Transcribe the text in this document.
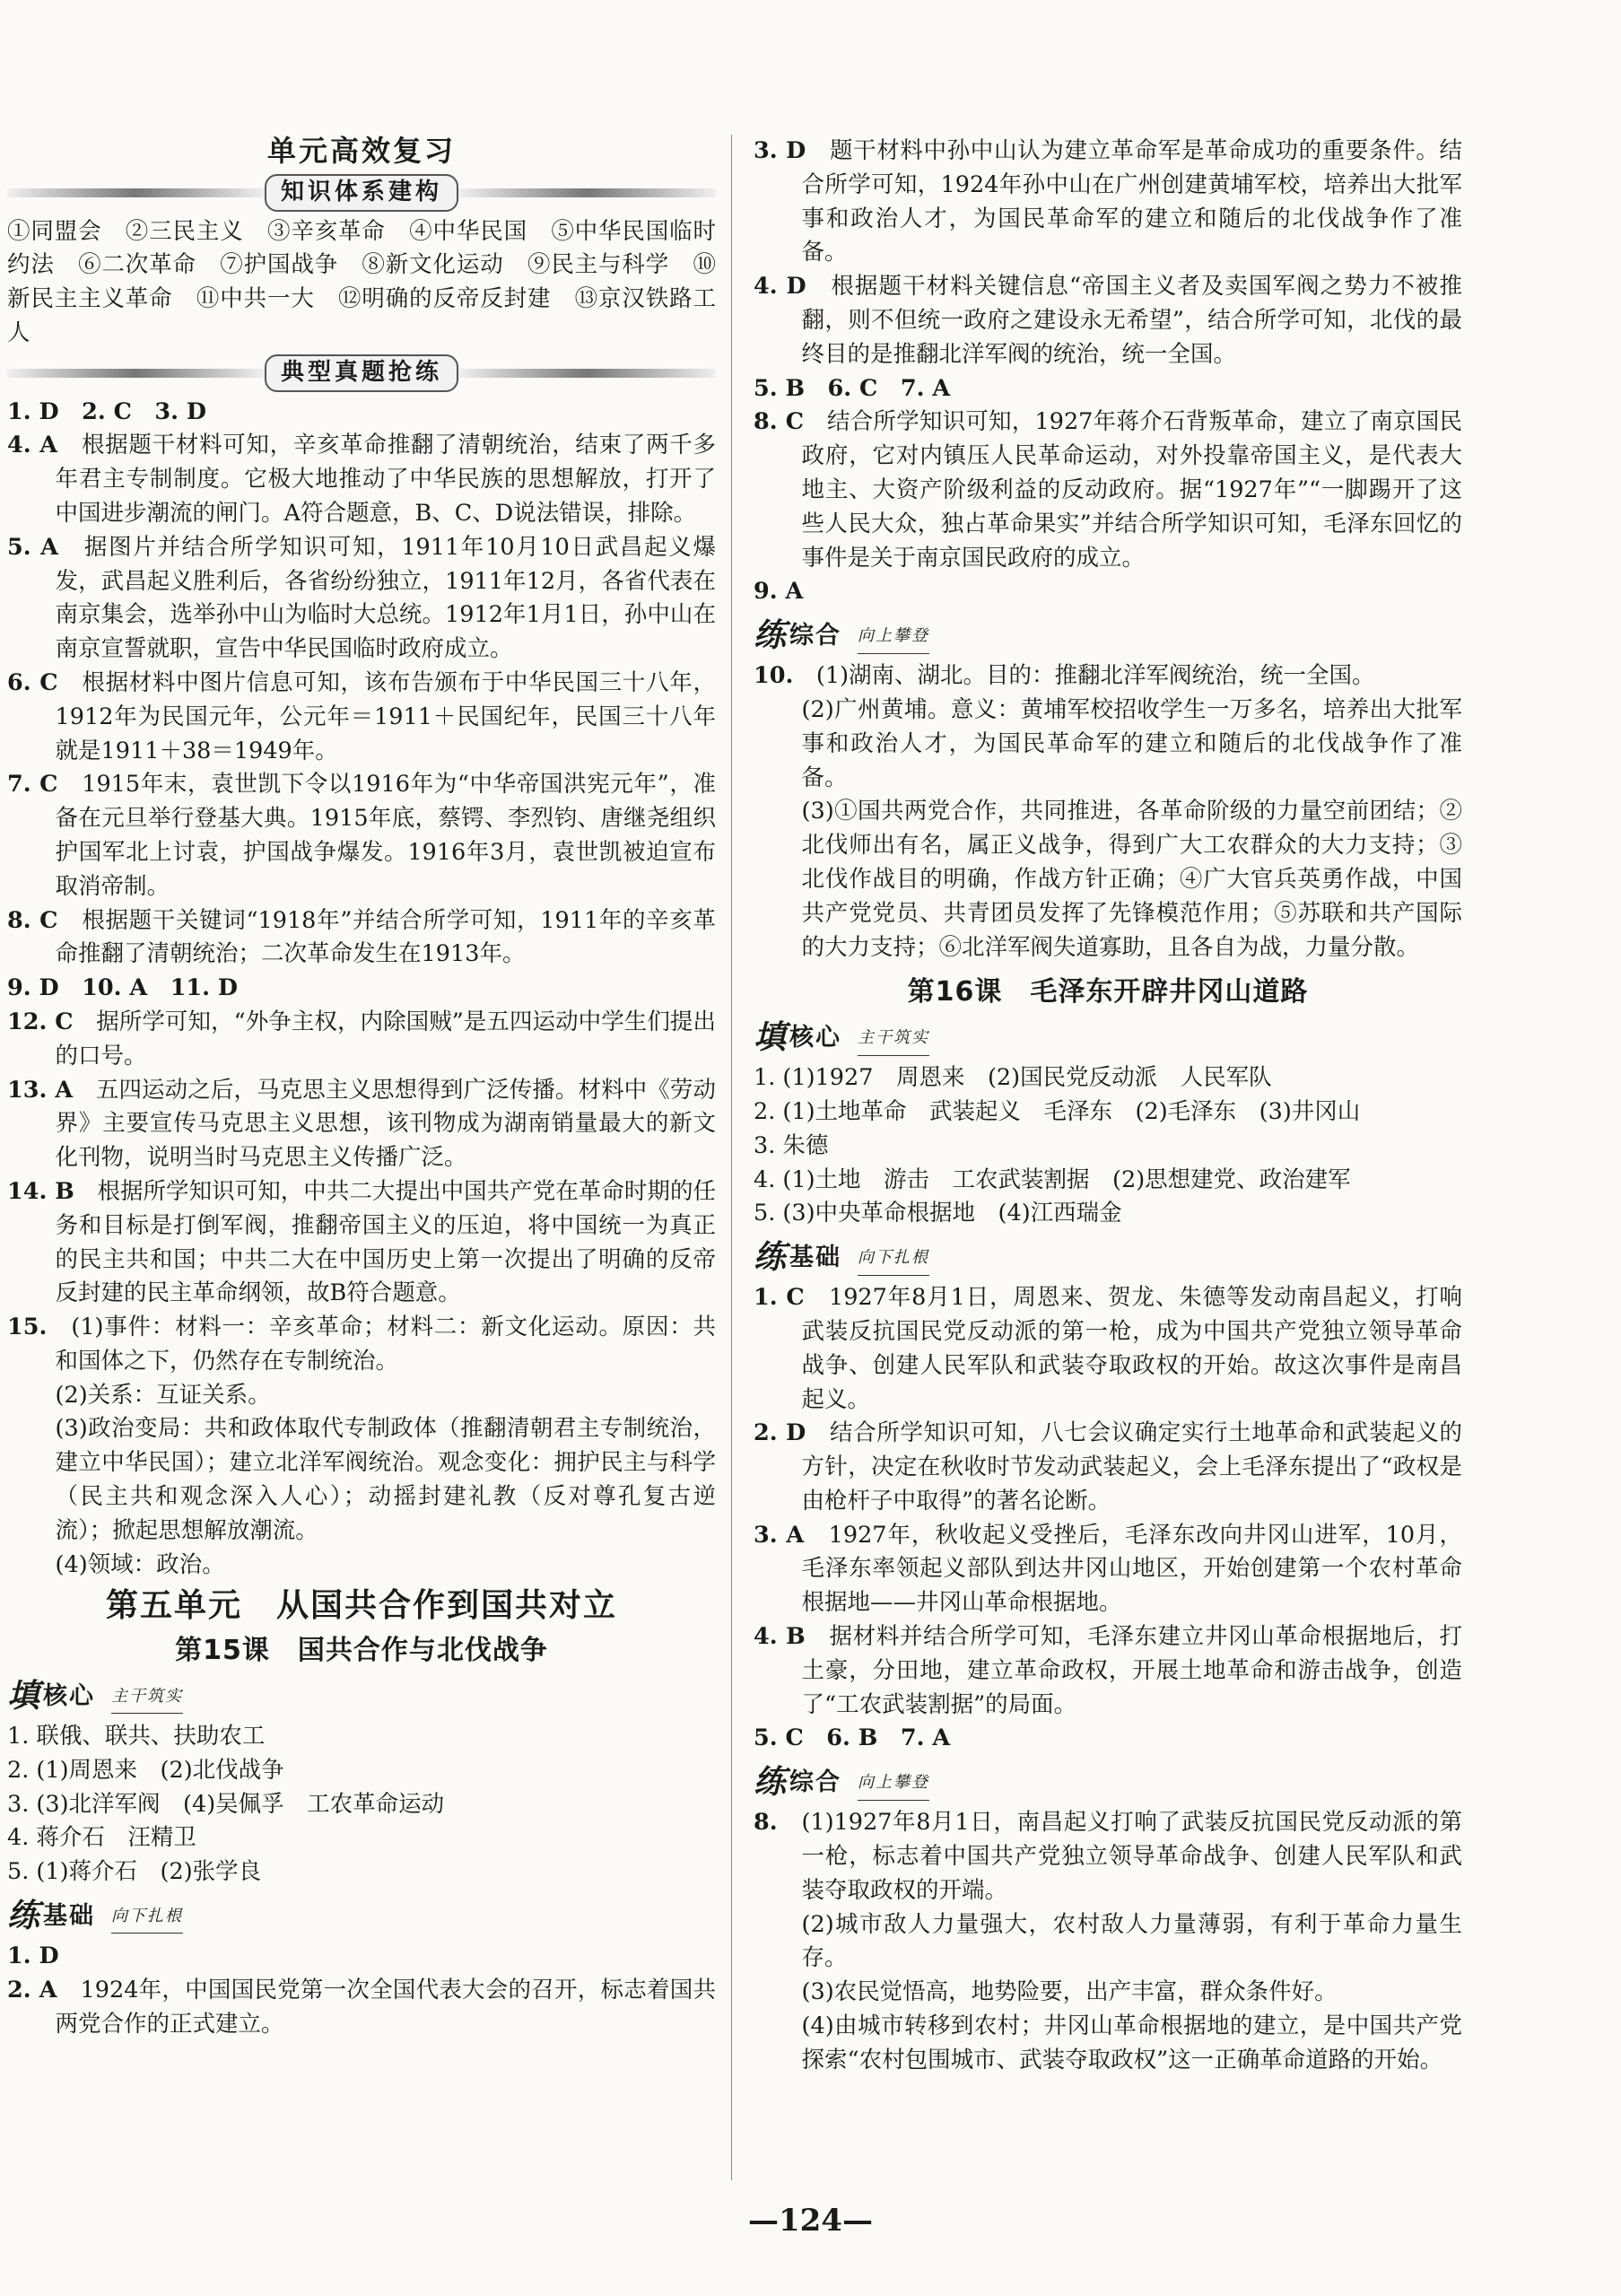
单元高效复习
知识体系建构

①同盟会　②三民主义　③辛亥革命　④中华民国　⑤中华民国临时约法　⑥二次革命　⑦护国战争　⑧新文化运动　⑨民主与科学　⑩新民主主义革命　⑪中共一大　⑫明确的反帝反封建　⑬京汉铁路工人

典型真题抢练

1. D　2. C　3. D　

4. A　 根据题干材料可知，辛亥革命推翻了清朝统治，结束了两千多年君主专制制度。它极大地推动了中华民族的思想解放，打开了中国进步潮流的闸门。A符合题意，B、C、D说法错误，排除。

5. A　 据图片并结合所学知识可知，1911年10月10日武昌起义爆发，武昌起义胜利后，各省纷纷独立，1911年12月，各省代表在南京集会，选举孙中山为临时大总统。1912年1月1日，孙中山在南京宣誓就职，宣告中华民国临时政府成立。

6. C　 根据材料中图片信息可知，该布告颁布于中华民国三十八年，1912年为民国元年，公元年＝1911＋民国纪年，民国三十八年就是1911＋38＝1949年。

7. C　 1915年末，袁世凯下令以1916年为“中华帝国洪宪元年”，准备在元旦举行登基大典。1915年底，蔡锷、李烈钧、唐继尧组织护国军北上讨袁，护国战争爆发。1916年3月，袁世凯被迫宣布取消帝制。

8. C　 根据题干关键词“1918年”并结合所学可知，1911年的辛亥革命推翻了清朝统治；二次革命发生在1913年。

9. D　10. A　11. D　

12. C　 据所学可知，“外争主权，内除国贼”是五四运动中学生们提出的口号。

13. A　 五四运动之后，马克思主义思想得到广泛传播。材料中《劳动界》主要宣传马克思主义思想，该刊物成为湖南销量最大的新文化刊物，说明当时马克思主义传播广泛。

14. B　 根据所学知识可知，中共二大提出中国共产党在革命时期的任务和目标是打倒军阀，推翻帝国主义的压迫，将中国统一为真正的民主共和国；中共二大在中国历史上第一次提出了明确的反帝反封建的民主革命纲领，故B符合题意。

15.　 (1)事件：材料一：辛亥革命；材料二：新文化运动。原因：共和国体之下，仍然存在专制统治。

(2)关系：互证关系。

(3)政治变局：共和政体取代专制政体（推翻清朝君主专制统治，建立中华民国）；建立北洋军阀统治。观念变化：拥护民主与科学（民主共和观念深入人心）；动摇封建礼教（反对尊孔复古逆流）；掀起思想解放潮流。

(4)领域：政治。

第五单元　从国共合作到国共对立
第15课　国共合作与北伐战争
填 核心 主干筑实

1. 联俄、联共、扶助农工

2. (1)周恩来　(2)北伐战争

3. (3)北洋军阀　(4)吴佩孚　工农革命运动

4. 蒋介石　汪精卫

5. (1)蒋介石　(2)张学良

练 基础 向下扎根

1. D　

2. A　 1924年，中国国民党第一次全国代表大会的召开，标志着国共两党合作的正式建立。

3. D　 题干材料中孙中山认为建立革命军是革命成功的重要条件。结合所学可知，1924年孙中山在广州创建黄埔军校，培养出大批军事和政治人才，为国民革命军的建立和随后的北伐战争作了准备。

4. D　 根据题干材料关键信息“帝国主义者及卖国军阀之势力不被推翻，则不但统一政府之建设永无希望”，结合所学可知，北伐的最终目的是推翻北洋军阀的统治，统一全国。

5. B　6. C　7. A　

8. C　 结合所学知识可知，1927年蒋介石背叛革命，建立了南京国民政府，它对内镇压人民革命运动，对外投靠帝国主义，是代表大地主、大资产阶级利益的反动政府。据“1927年”“一脚踢开了这些人民大众，独占革命果实”并结合所学知识可知，毛泽东回忆的事件是关于南京国民政府的成立。

9. A　

练 综合 向上攀登

10.　 (1)湖南、湖北。目的：推翻北洋军阀统治，统一全国。

(2)广州黄埔。意义：黄埔军校招收学生一万多名，培养出大批军事和政治人才，为国民革命军的建立和随后的北伐战争作了准备。

(3)①国共两党合作，共同推进，各革命阶级的力量空前团结；②北伐师出有名，属正义战争，得到广大工农群众的大力支持；③北伐作战目的明确，作战方针正确；④广大官兵英勇作战，中国共产党党员、共青团员发挥了先锋模范作用；⑤苏联和共产国际的大力支持；⑥北洋军阀失道寡助，且各自为战，力量分散。

第16课　毛泽东开辟井冈山道路
填 核心 主干筑实

1. (1)1927　周恩来　(2)国民党反动派　人民军队

2. (1)土地革命　武装起义　毛泽东　(2)毛泽东　(3)井冈山

3. 朱德

4. (1)土地　游击　工农武装割据　(2)思想建党、政治建军

5. (3)中央革命根据地　(4)江西瑞金

练 基础 向下扎根

1. C　 1927年8月1日，周恩来、贺龙、朱德等发动南昌起义，打响武装反抗国民党反动派的第一枪，成为中国共产党独立领导革命战争、创建人民军队和武装夺取政权的开始。故这次事件是南昌起义。

2. D　 结合所学知识可知，八七会议确定实行土地革命和武装起义的方针，决定在秋收时节发动武装起义，会上毛泽东提出了“政权是由枪杆子中取得”的著名论断。

3. A　 1927年，秋收起义受挫后，毛泽东改向井冈山进军，10月，毛泽东率领起义部队到达井冈山地区，开始创建第一个农村革命根据地——井冈山革命根据地。

4. B　 据材料并结合所学可知，毛泽东建立井冈山革命根据地后，打土豪，分田地，建立革命政权，开展土地革命和游击战争，创造了“工农武装割据”的局面。

5. C　6. B　7. A　

练 综合 向上攀登

8.　 (1)1927年8月1日，南昌起义打响了武装反抗国民党反动派的第一枪，标志着中国共产党独立领导革命战争、创建人民军队和武装夺取政权的开端。

(2)城市敌人力量强大，农村敌人力量薄弱，有利于革命力量生存。

(3)农民觉悟高，地势险要，出产丰富，群众条件好。

(4)由城市转移到农村；井冈山革命根据地的建立，是中国共产党探索“农村包围城市、武装夺取政权”这一正确革命道路的开始。

—124—
